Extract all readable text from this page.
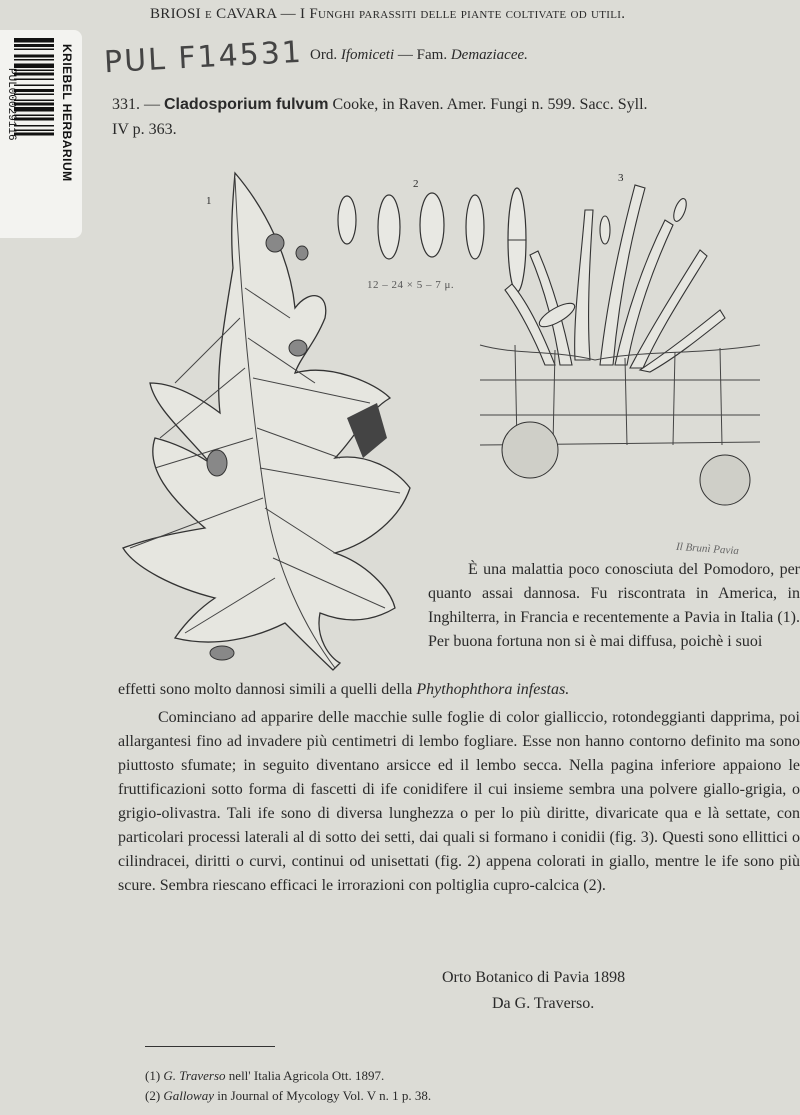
KRIEBEL HERBARIUM
PUL00029116
BRIOSI e CAVARA — I Funghi parassiti delle piante coltivate od utili.
PUL F14531 Ord. Ifomiceti — Fam. Demaziacee.
331. — Cladosporium fulvum Cooke, in Raven. Amer. Fungi n. 599. Sacc. Syll.
IV p. 363.
1
2
12 – 24 × 5 – 7 μ.
3
Il Brunì Pavia
È una malattia poco conosciuta del Pomodoro, per quanto assai dannosa. Fu riscontrata in America, in Inghilterra, in Francia e recentemente a Pavia in Italia (1). Per buona fortuna non si è mai diffusa, poichè i suoi
effetti sono molto dannosi simili a quelli della Phythophthora infestas.
Cominciano ad apparire delle macchie sulle foglie di color gialliccio, rotondeggianti dapprima, poi allargantesi fino ad invadere più centimetri di lembo fogliare. Esse non hanno contorno definito ma sono piuttosto sfumate; in seguito diventano arsicce ed il lembo secca. Nella pagina inferiore appaiono le fruttificazioni sotto forma di fascetti di ife conidifere il cui insieme sembra una polvere giallo-grigia, o grigio-olivastra. Tali ife sono di diversa lunghezza o per lo più diritte, divaricate qua e là settate, con particolari processi laterali al di sotto dei setti, dai quali si formano i conidii (fig. 3). Questi sono ellittici o cilindracei, diritti o curvi, continui od unisettati (fig. 2) appena colorati in giallo, mentre le ife sono più scure. Sembra riescano efficaci le irrorazioni con poltiglia cupro-calcica (2).
Orto Botanico di Pavia 1898
Da G. Traverso.
(1) G. Traverso nell' Italia Agricola Ott. 1897.
(2) Galloway in Journal of Mycology Vol. V n. 1 p. 38.
